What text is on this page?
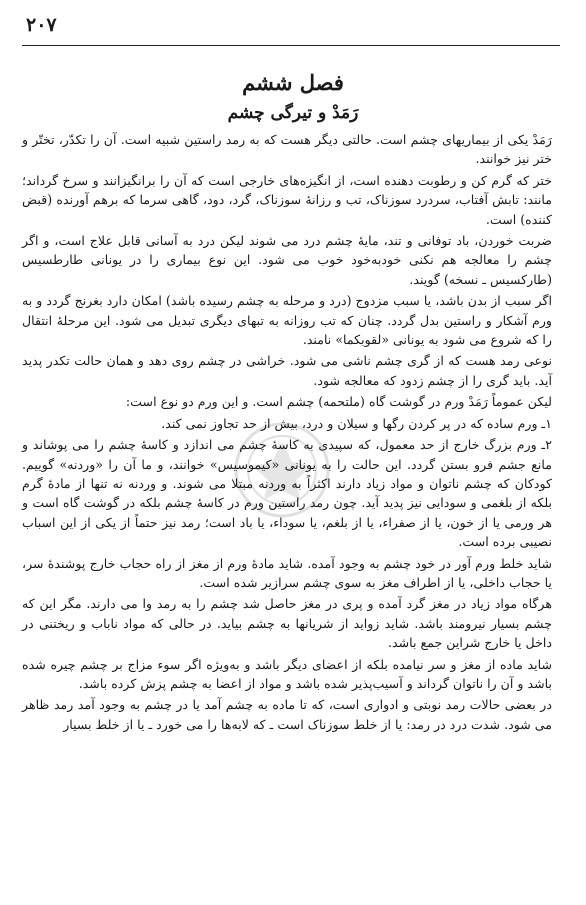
۲۰۷
فصل ششم
رَمَدْ و تیرگی چشم

رَمَدْ یکی از بیماریهای چشم است. حالتی دیگر هست که به رمد راستین شبیه است. آن را تکدّر، تختّر و ختر نیز خوانند.

ختر که گرم کن و رطوبت دهنده است، از انگیزه‌های خارجی است که آن را برانگیزانند و سرخ گرداند؛ مانند: تابش آفتاب، سردرد سوزناک، تب و رزانهٔ سوزناک، گرد، دود، گاهی سرما که برهم آورنده (قبض کننده) است.

ضربت خوردن، باد توفانی و تند، مایهٔ چشم درد می شوند لیکن درد به آسانی قابل علاج است، و اگر چشم را معالجه هم نکنی خودبه‌خود خوب می شود. این نوع بیماری را در یونانی طارطسیس (طارکسیس ـ نسخه) گویند.

اگر سبب از بدن باشد، یا سبب مزدوج (درد و مرحله به چشم رسیده باشد) امکان دارد بغرنج گردد و به ورم آشکار و راستین بدل گردد. چنان که تب روزانه به تبهای دیگری تبدیل می شود. این مرحلهٔ انتقال را که شروع می شود به یونانی «لقوبکما» نامند.

نوعی رمد هست که از گری چشم ناشی می شود. خراشی در چشم روی دهد و همان حالت تکدر پدید آید. باید گری را از چشم زدود که معالجه شود.

لیکن عموماً رَمَدْ ورم در گوشت گاه (ملتحمه) چشم است. و این ورم دو نوع است:

۱ـ ورم ساده که در پر کردن رگها و سیلان و درد، بیش از حد تجاوز نمی کند.

۲ـ ورم بزرگ خارج از حد معمول، که سپیدی به کاسهٔ چشم می اندازد و کاسهٔ چشم را می پوشاند و مانع جشم فرو بستن گردد. این حالت را به یونانی «کیموسیس» خوانند، و ما آن را «وردنه» گوییم. کودکان که چشم ناتوان و مواد زیاد دارند اکثراً به وردنه مبتلا می شوند. و وردنه نه تنها از مادهٔ گرم بلکه از بلغمی و سودایی نیز پدید آید. چون رمد راستین ورم در کاسهٔ چشم بلکه در گوشت گاه است و هر ورمی یا از خون، یا از صفراء، یا از بلغم، یا سوداء، یا باد است؛ رمد نیز حتماً از یکی از این اسباب نصیبی برده است.

شاید خلط ورم آور در خود چشم به وجود آمده. شاید مادهٔ ورم از مغز از راه حجاب خارج پوشندهٔ سر، یا حجاب داخلی، یا از اطراف مغز به سوی چشم سرازیر شده است.

هرگاه مواد زیاد در مغز گرد آمده و پری در مغز حاصل شد چشم را به رمد وا می دارند. مگر این که چشم بسیار نیرومند باشد. شاید زواید از شریانها به چشم بیاید. در حالی که مواد ناباب و ریختنی در داخل یا خارج شراین جمع باشد.

شاید ماده از مغز و سر نیامده بلکه از اعضای دیگر باشد و به‌ویژه اگر سوء مزاج بر چشم چیره شده باشد و آن را ناتوان گرداند و آسیب‌پذیر شده باشد و مواد از اعضا به چشم پزش کرده باشد.

در بعضی حالات رمد نوبتی و ادواری است، که تا ماده به چشم آمد یا در چشم به وجود آمد رمد ظاهر می شود. شدت درد در رمد: یا از خلط سوزناک است ـ که لابه‌ها را می خورد ـ یا از خلط بسیار
